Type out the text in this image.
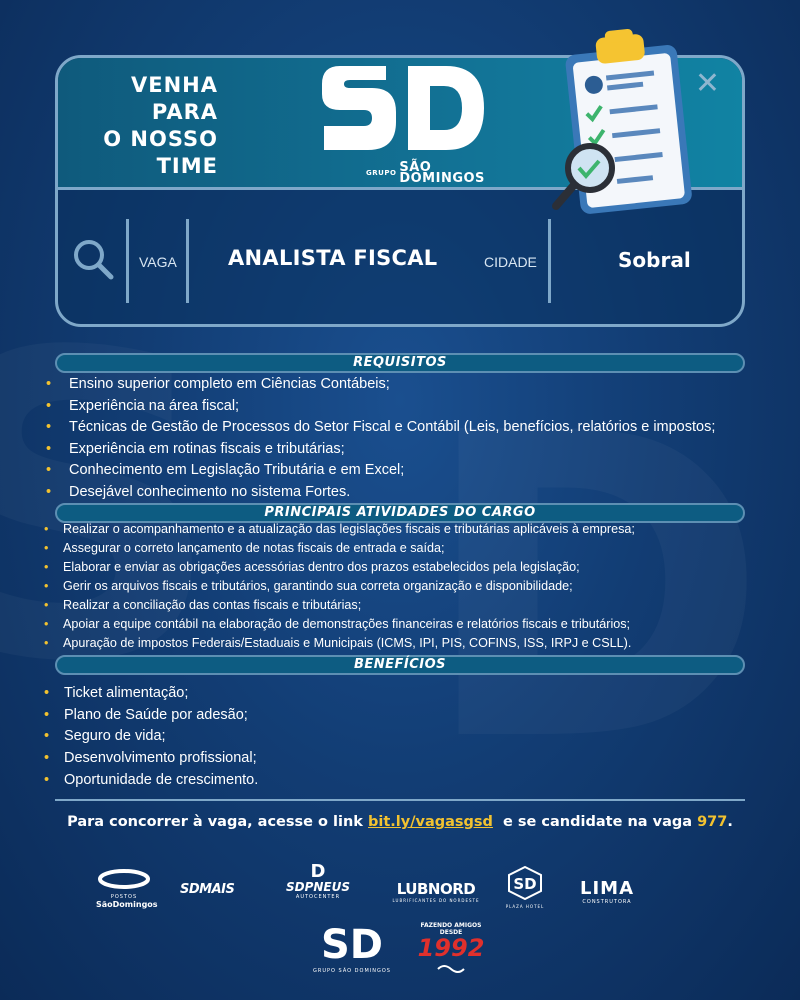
VENHA
PARA
O NOSSO
TIME	GRUPO SÃO
DOMINGOS
✕
VAGA ANALISTA FISCAL	CIDADE	Sobral
REQUISITOS
• Ensino superior completo em Ciências Contábeis;
• Experiência na área fiscal;
• Técnicas de Gestão de Processos do Setor Fiscal e Contábil (Leis, benefícios, relatórios e impostos;
• Experiência em rotinas fiscais e tributárias;
• Conhecimento em Legislação Tributária e em Excel;
• Desejável conhecimento no sistema Fortes.
PRINCIPAIS ATIVIDADES DO CARGO
• Realizar o acompanhamento e a atualização das legislações fiscais e tributárias aplicáveis à empresa;
• Assegurar o correto lançamento de notas fiscais de entrada e saída;
• Elaborar e enviar as obrigações acessórias dentro dos prazos estabelecidos pela legislação;
• Gerir os arquivos fiscais e tributários, garantindo sua correta organização e disponibilidade;
• Realizar a conciliação das contas fiscais e tributárias;
• Apoiar a equipe contábil na elaboração de demonstrações financeiras e relatórios fiscais e tributários;
• Apuração de impostos Federais/Estaduais e Municipais (ICMS, IPI, PIS, COFINS, ISS, IRPJ e CSLL).
BENEFÍCIOS
• Ticket alimentação;
• Plano de Saúde por adesão;
• Seguro de vida;
• Desenvolvimento profissional;
• Oportunidade de crescimento.
Para concorrer à vaga, acesse o link bit.ly/vagasgsd  e se candidate na vaga 977.
POSTOS
SãoDomingos
SDMAIS
D
SDPNEUS
AUTOCENTER	LUBNORD
LUBRIFICANTES DO NORDESTE
SD
PLAZA HOTEL
LIMA
CONSTRUTORA
SD
GRUPO SÃO DOMINGOS
FAZENDO AMIGOS
DESDE
1992
